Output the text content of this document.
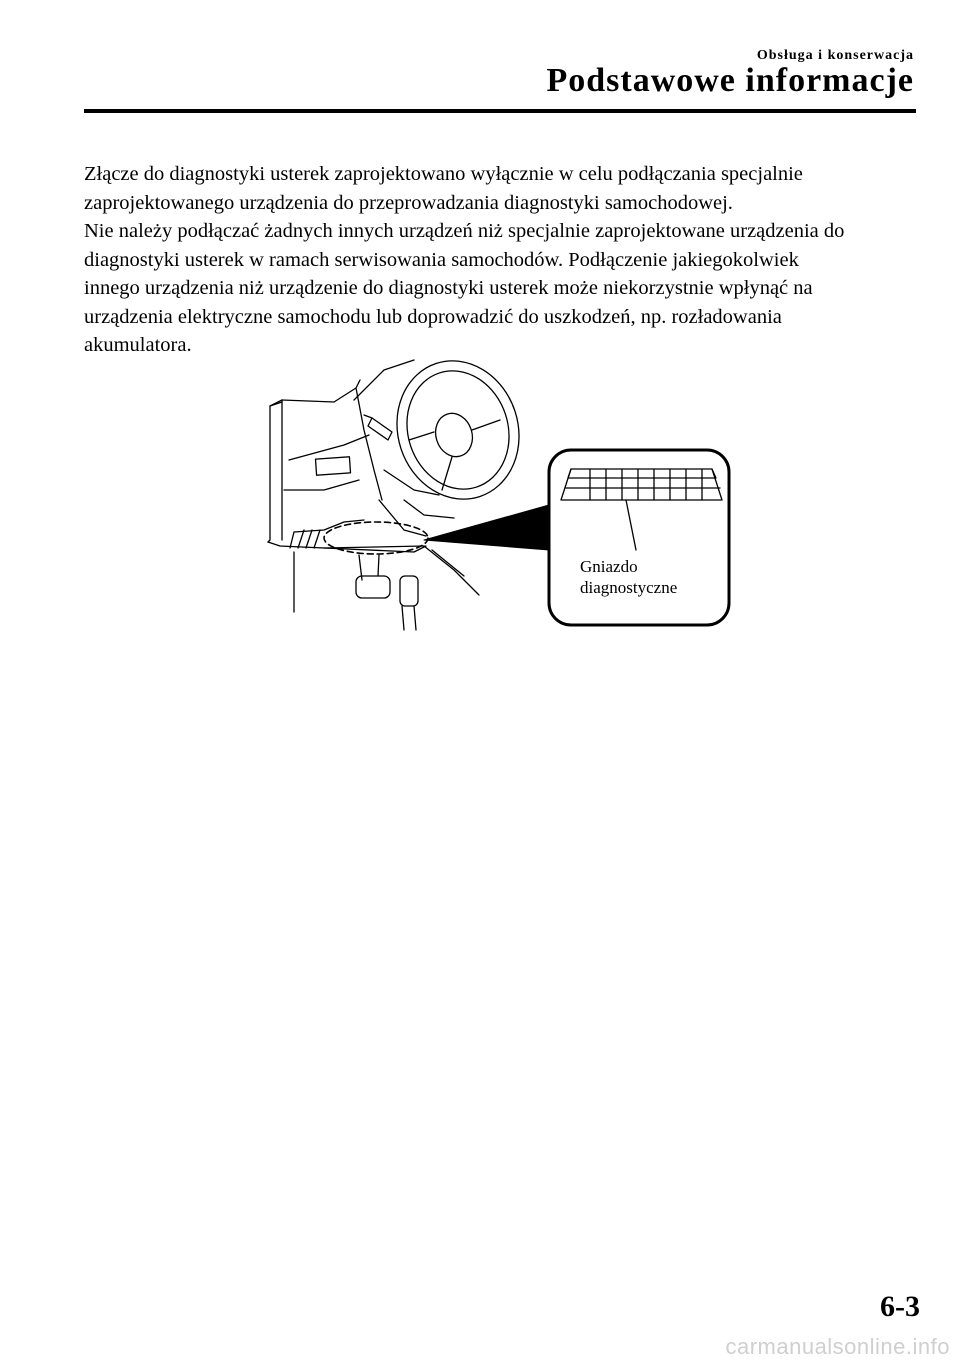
Obsługa i konserwacja
Podstawowe informacje

Złącze do diagnostyki usterek zaprojektowano wyłącznie w celu podłączania specjalnie

zaprojektowanego urządzenia do przeprowadzania diagnostyki samochodowej.

Nie należy podłączać żadnych innych urządzeń niż specjalnie zaprojektowane urządzenia do

diagnostyki usterek w ramach serwisowania samochodów. Podłączenie jakiegokolwiek

innego urządzenia niż urządzenie do diagnostyki usterek może niekorzystnie wpłynąć na

urządzenia elektryczne samochodu lub doprowadzić do uszkodzeń, np. rozładowania

akumulatora.

Gniazdo
diagnostyczne
6-3
carmanualsonline.info
